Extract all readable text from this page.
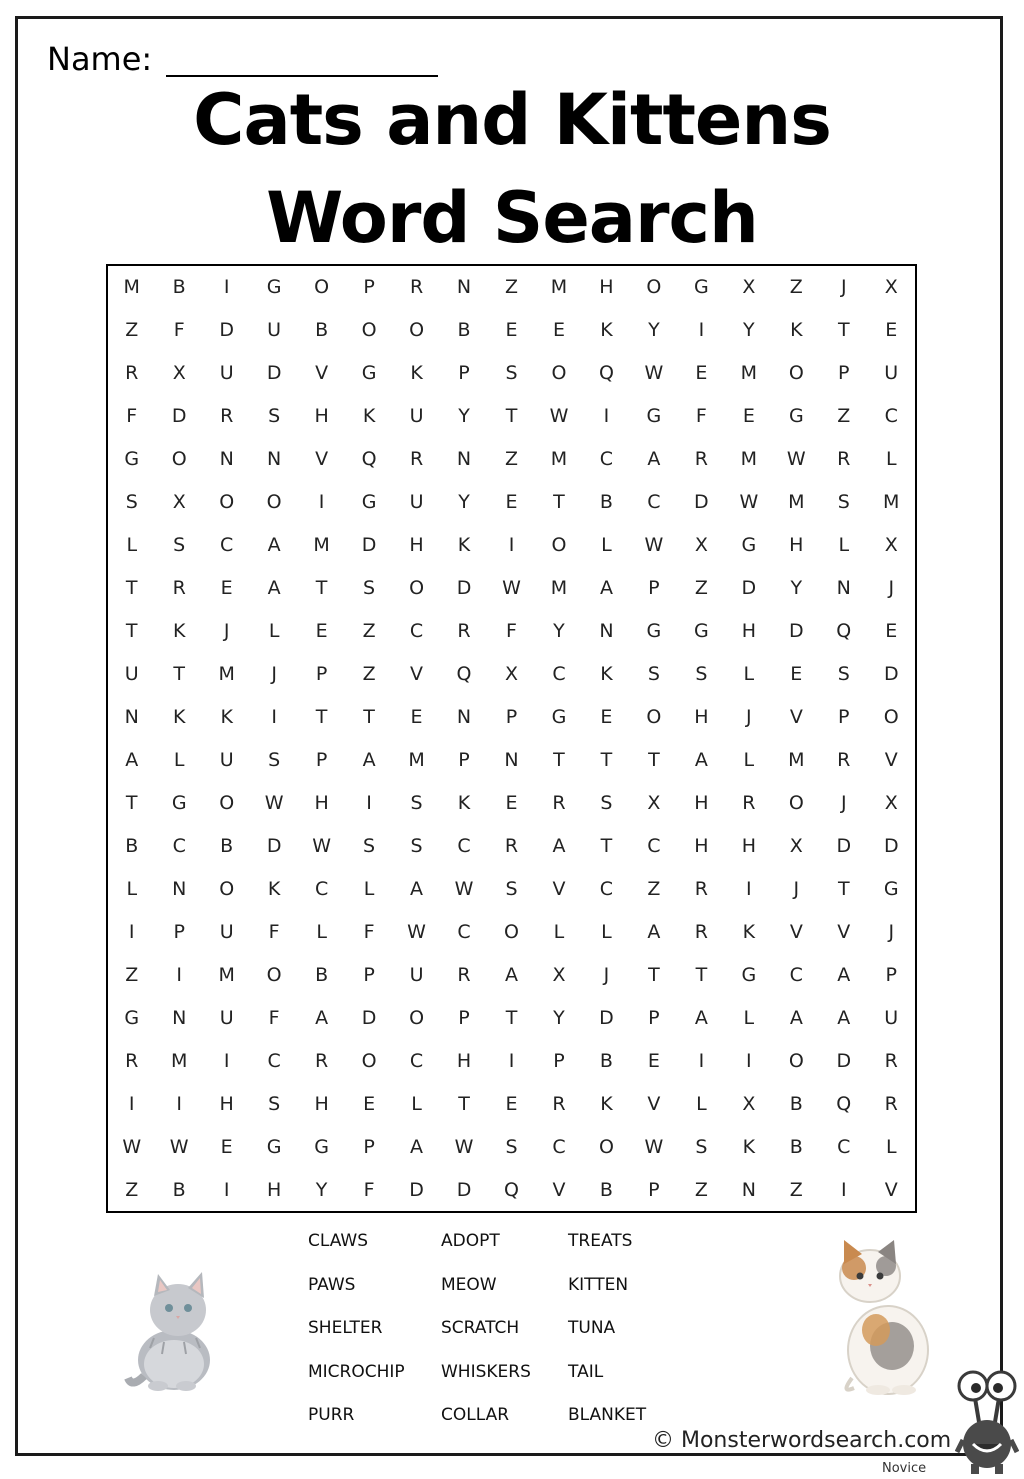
Name:
Cats and Kittens
Word Search
M	B	I	G	O	P	R	N	Z	M	H	O	G	X	Z	J	X
Z	F	D	U	B	O	O	B	E	E	K	Y	I	Y	K	T	E
R	X	U	D	V	G	K	P	S	O	Q	W	E	M	O	P	U
F	D	R	S	H	K	U	Y	T	W	I	G	F	E	G	Z	C
G	O	N	N	V	Q	R	N	Z	M	C	A	R	M	W	R	L
S	X	O	O	I	G	U	Y	E	T	B	C	D	W	M	S	M
L	S	C	A	M	D	H	K	I	O	L	W	X	G	H	L	X
T	R	E	A	T	S	O	D	W	M	A	P	Z	D	Y	N	J
T	K	J	L	E	Z	C	R	F	Y	N	G	G	H	D	Q	E
U	T	M	J	P	Z	V	Q	X	C	K	S	S	L	E	S	D
N	K	K	I	T	T	E	N	P	G	E	O	H	J	V	P	O
A	L	U	S	P	A	M	P	N	T	T	T	A	L	M	R	V
T	G	O	W	H	I	S	K	E	R	S	X	H	R	O	J	X
B	C	B	D	W	S	S	C	R	A	T	C	H	H	X	D	D
L	N	O	K	C	L	A	W	S	V	C	Z	R	I	J	T	G
I	P	U	F	L	F	W	C	O	L	L	A	R	K	V	V	J
Z	I	M	O	B	P	U	R	A	X	J	T	T	G	C	A	P
G	N	U	F	A	D	O	P	T	Y	D	P	A	L	A	A	U
R	M	I	C	R	O	C	H	I	P	B	E	I	I	O	D	R
I	I	H	S	H	E	L	T	E	R	K	V	L	X	B	Q	R
W	W	E	G	G	P	A	W	S	C	O	W	S	K	B	C	L
Z	B	I	H	Y	F	D	D	Q	V	B	P	Z	N	Z	I	V
CLAWS	ADOPT	TREATS
PAWS	MEOW	KITTEN
SHELTER	SCRATCH	TUNA
MICROCHIP	WHISKERS	TAIL
PURR	COLLAR	BLANKET
© Monsterwordsearch.com
Novice
